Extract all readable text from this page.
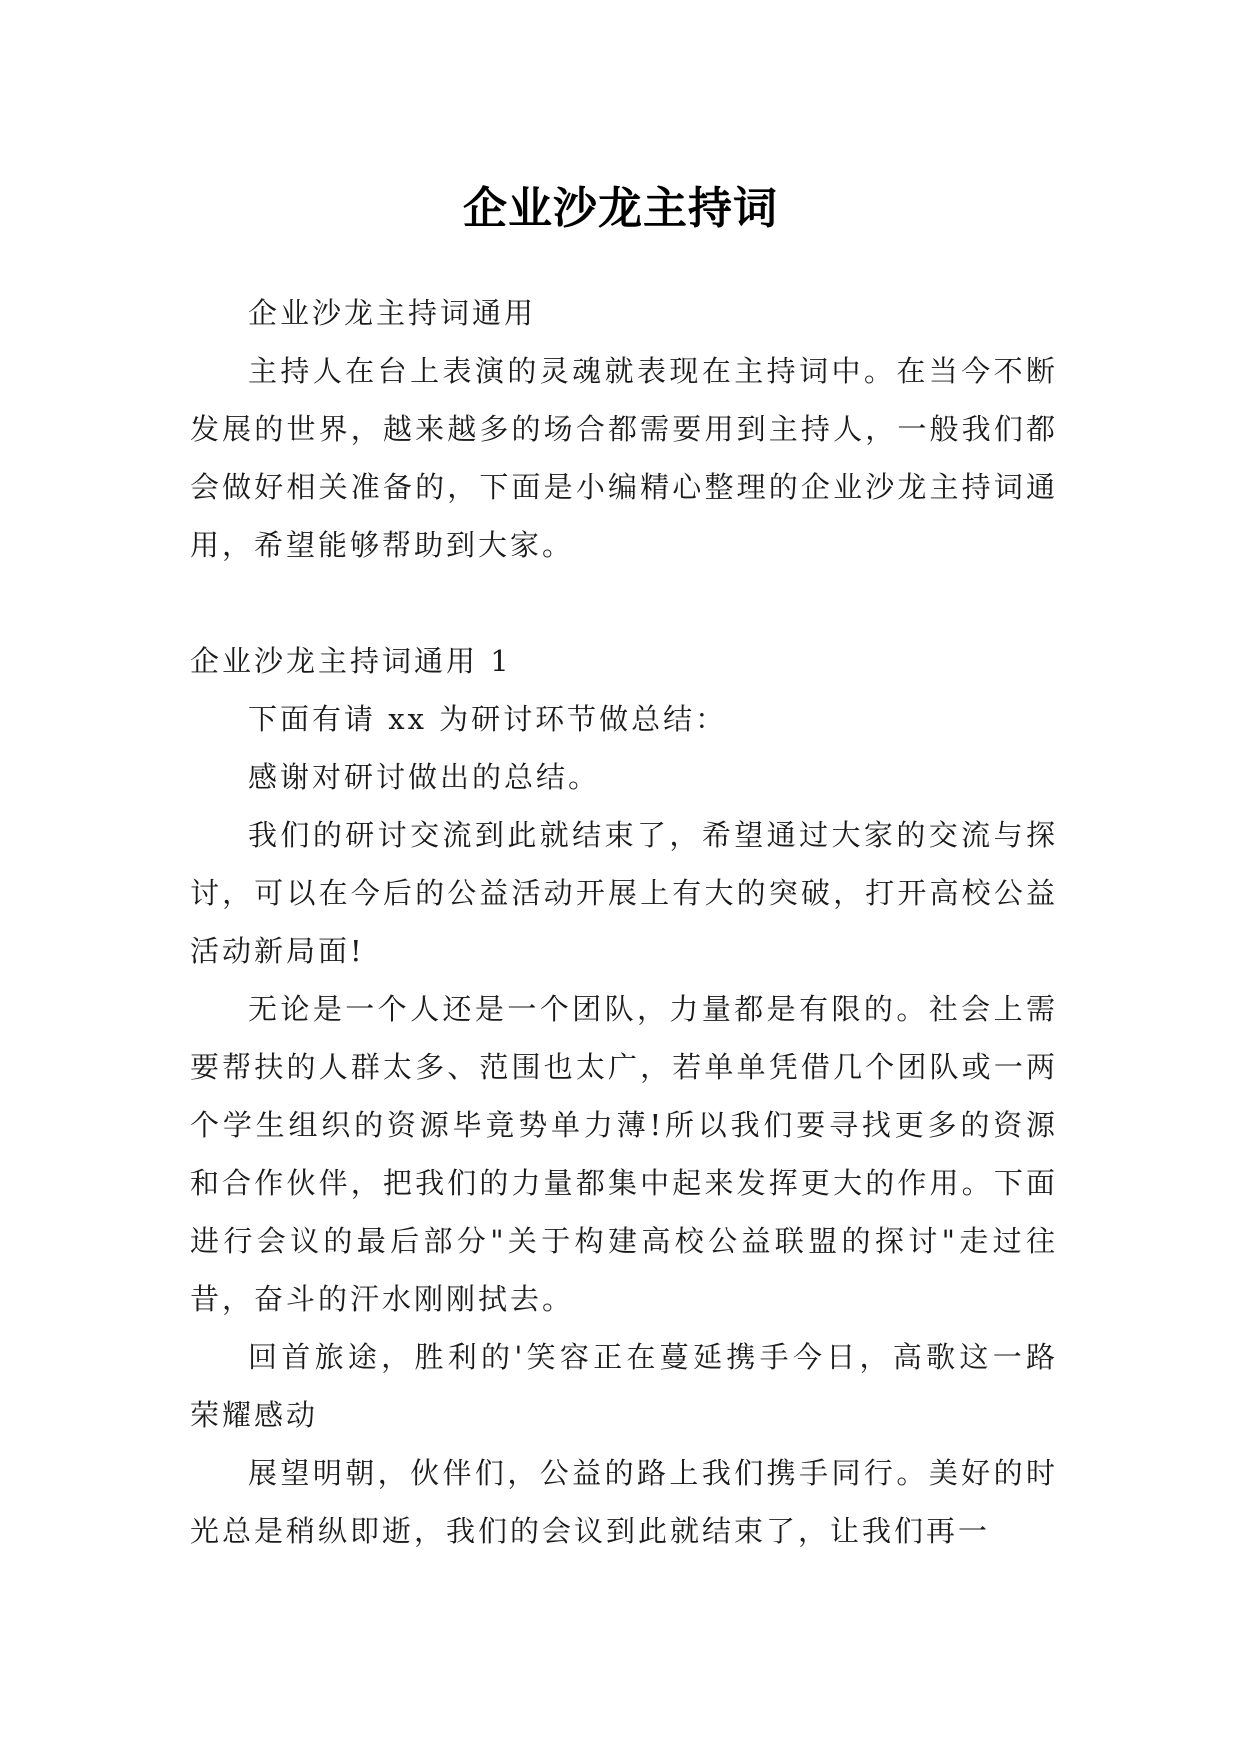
企业沙龙主持词

企业沙龙主持词通用

主持人在台上表演的灵魂就表现在主持词中。在当今不断发展的世界，越来越多的场合都需要用到主持人，一般我们都会做好相关准备的，下面是小编精心整理的企业沙龙主持词通用，希望能够帮助到大家。

企业沙龙主持词通用 1

下面有请 xx 为研讨环节做总结：

感谢对研讨做出的总结。

我们的研讨交流到此就结束了，希望通过大家的交流与探讨，可以在今后的公益活动开展上有大的突破，打开高校公益活动新局面!

无论是一个人还是一个团队，力量都是有限的。社会上需要帮扶的人群太多、范围也太广，若单单凭借几个团队或一两个学生组织的资源毕竟势单力薄!所以我们要寻找更多的资源和合作伙伴，把我们的力量都集中起来发挥更大的作用。下面进行会议的最后部分"关于构建高校公益联盟的探讨"走过往昔，奋斗的汗水刚刚拭去。

回首旅途，胜利的'笑容正在蔓延携手今日，高歌这一路荣耀感动

展望明朝，伙伴们，公益的路上我们携手同行。美好的时光总是稍纵即逝，我们的会议到此就结束了，让我们再一
